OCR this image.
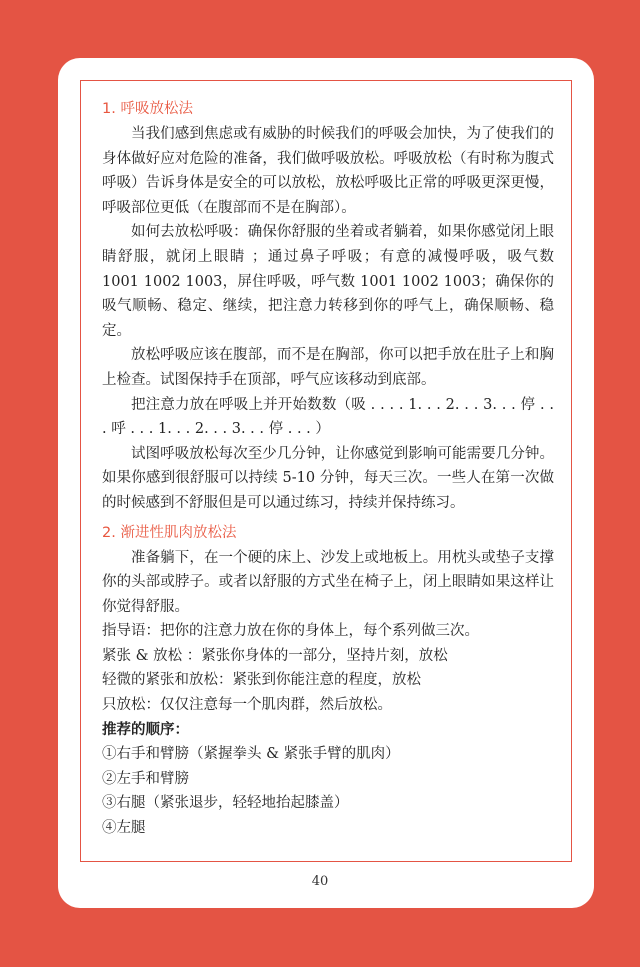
1. 呼吸放松法

当我们感到焦虑或有威胁的时候我们的呼吸会加快，为了使我们的身体做好应对危险的准备，我们做呼吸放松。呼吸放松（有时称为腹式呼吸）告诉身体是安全的可以放松，放松呼吸比正常的呼吸更深更慢，呼吸部位更低（在腹部而不是在胸部）。

如何去放松呼吸：确保你舒服的坐着或者躺着，如果你感觉闭上眼睛舒服，就闭上眼睛 ；通过鼻子呼吸；有意的减慢呼吸，吸气数 1001 1002 1003，屏住呼吸，呼气数 1001 1002 1003；确保你的吸气顺畅、稳定、继续，把注意力转移到你的呼气上，确保顺畅、稳定。

放松呼吸应该在腹部，而不是在胸部，你可以把手放在肚子上和胸上检查。试图保持手在顶部，呼气应该移动到底部。

把注意力放在呼吸上并开始数数（吸 . . . . 1. . . 2. . . 3. . . 停 . . . 呼 . . . 1. . . 2. . . 3. . . 停 . . . ）

试图呼吸放松每次至少几分钟，让你感觉到影响可能需要几分钟。如果你感到很舒服可以持续 5-10 分钟，每天三次。一些人在第一次做的时候感到不舒服但是可以通过练习，持续并保持练习。

2. 渐进性肌肉放松法

准备躺下，在一个硬的床上、沙发上或地板上。用枕头或垫子支撑你的头部或脖子。或者以舒服的方式坐在椅子上，闭上眼睛如果这样让你觉得舒服。

指导语：把你的注意力放在你的身体上，每个系列做三次。

紧张 & 放松 ：紧张你身体的一部分，坚持片刻，放松

轻微的紧张和放松：紧张到你能注意的程度，放松

只放松：仅仅注意每一个肌肉群，然后放松。

推荐的顺序：

①右手和臂膀（紧握拳头 & 紧张手臂的肌肉）

②左手和臂膀

③右腿（紧张退步，轻轻地抬起膝盖）

④左腿

40
